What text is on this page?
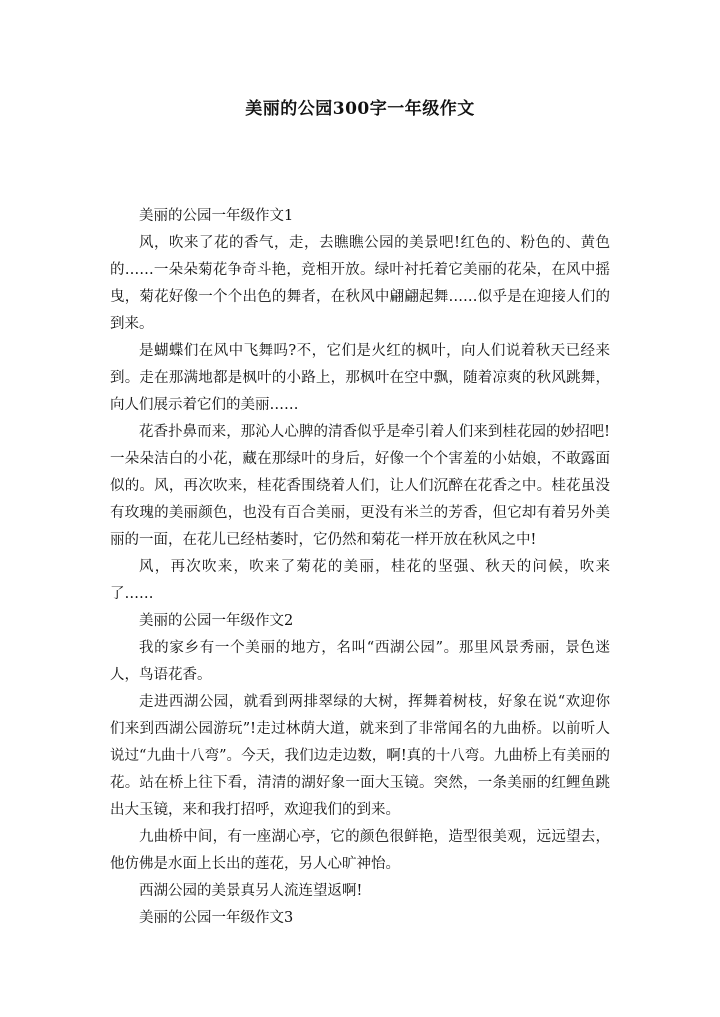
美丽的公园300字一年级作文

美丽的公园一年级作文1

风，吹来了花的香气，走，去瞧瞧公园的美景吧!红色的、粉色的、黄色的……一朵朵菊花争奇斗艳，竞相开放。绿叶衬托着它美丽的花朵，在风中摇曳，菊花好像一个个出色的舞者，在秋风中翩翩起舞……似乎是在迎接人们的到来。

是蝴蝶们在风中飞舞吗?不，它们是火红的枫叶，向人们说着秋天已经来到。走在那满地都是枫叶的小路上，那枫叶在空中飘，随着凉爽的秋风跳舞，向人们展示着它们的美丽……

花香扑鼻而来，那沁人心脾的清香似乎是牵引着人们来到桂花园的妙招吧!一朵朵洁白的小花，藏在那绿叶的身后，好像一个个害羞的小姑娘，不敢露面似的。风，再次吹来，桂花香围绕着人们，让人们沉醉在花香之中。桂花虽没有玫瑰的美丽颜色，也没有百合美丽，更没有米兰的芳香，但它却有着另外美丽的一面，在花儿已经枯萎时，它仍然和菊花一样开放在秋风之中!

风，再次吹来，吹来了菊花的美丽，桂花的坚强、秋天的问候，吹来了……

美丽的公园一年级作文2

我的家乡有一个美丽的地方，名叫“西湖公园”。那里风景秀丽，景色迷人，鸟语花香。

走进西湖公园，就看到两排翠绿的大树，挥舞着树枝，好象在说“欢迎你们来到西湖公园游玩”!走过林荫大道，就来到了非常闻名的九曲桥。以前听人说过“九曲十八弯”。今天，我们边走边数，啊!真的十八弯。九曲桥上有美丽的花。站在桥上往下看，清清的湖好象一面大玉镜。突然，一条美丽的红鲤鱼跳出大玉镜，来和我打招呼，欢迎我们的到来。

九曲桥中间，有一座湖心亭，它的颜色很鲜艳，造型很美观，远远望去，他仿佛是水面上长出的莲花，另人心旷神怡。

西湖公园的美景真另人流连望返啊!

美丽的公园一年级作文3
